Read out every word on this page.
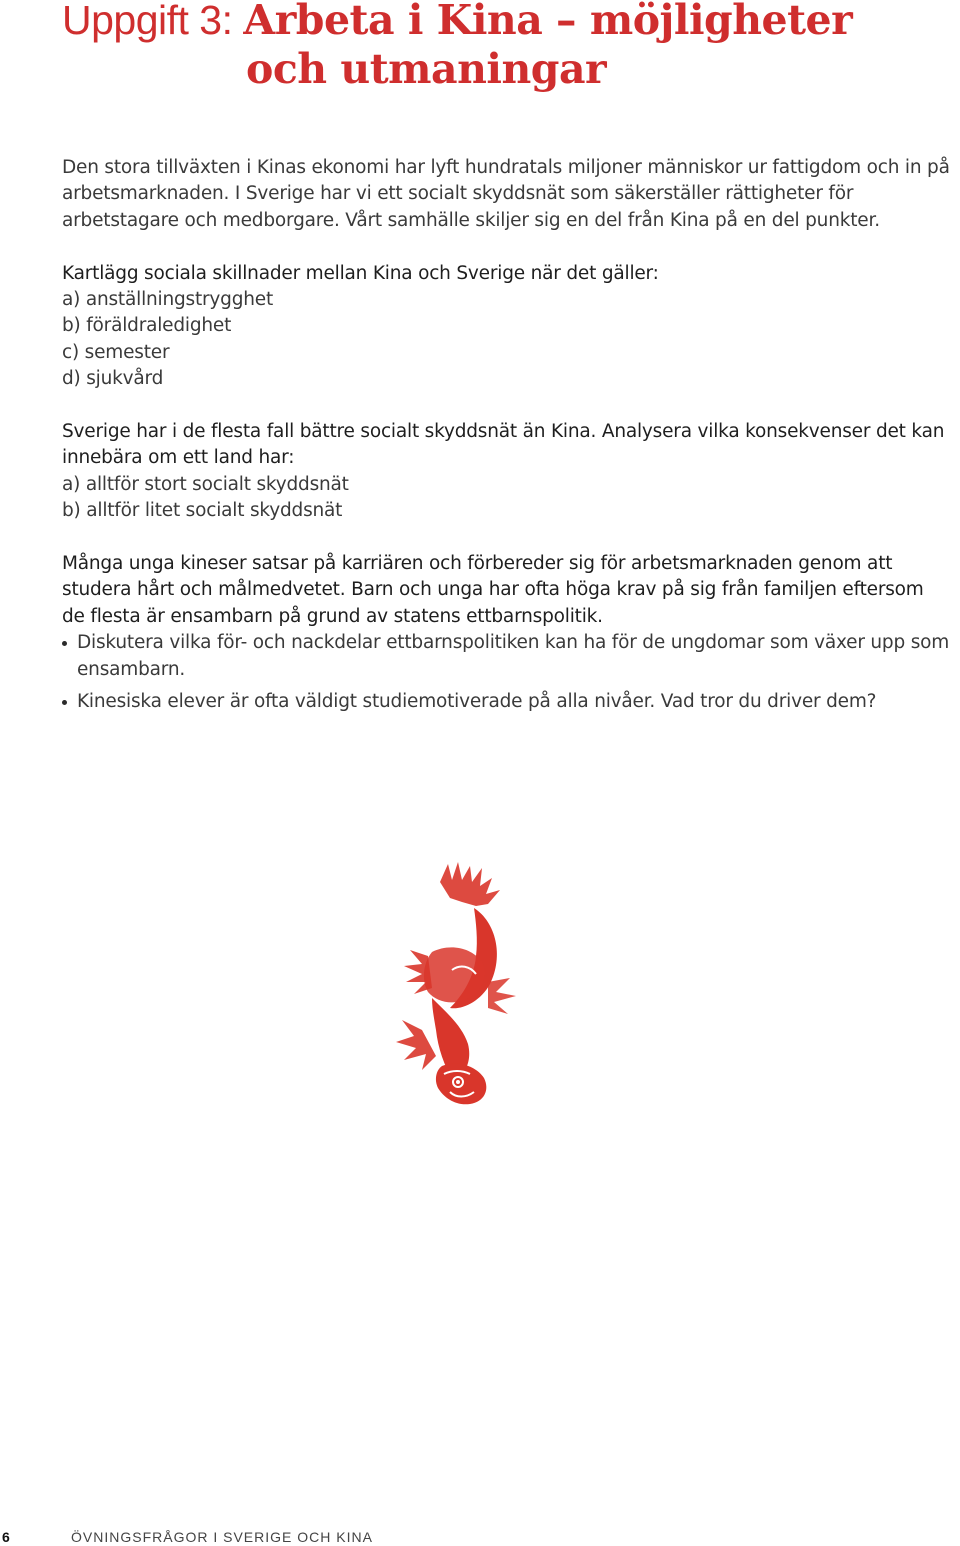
Uppgift 3: Arbeta i Kina – möjligheter
och utmaningar

Den stora tillväxten i Kinas ekonomi har lyft hundratals miljoner människor ur fattigdom och in på arbetsmarknaden. I Sverige har vi ett socialt skyddsnät som säkerställer rättigheter för arbetstagare och medborgare. Vårt samhälle skiljer sig en del från Kina på en del punkter.

Kartlägg sociala skillnader mellan Kina och Sverige när det gäller:

a) anställningstrygghet
b) föräldraledighet
c) semester
d) sjukvård

Sverige har i de flesta fall bättre socialt skyddsnät än Kina. Analysera vilka konsekvenser det kan innebära om ett land har:

a) alltför stort socialt skyddsnät
b) alltför litet socialt skyddsnät

Många unga kineser satsar på karriären och förbereder sig för arbetsmarknaden genom att studera hårt och målmedvetet. Barn och unga har ofta höga krav på sig från familjen eftersom de flesta är ensambarn på grund av statens ettbarnspolitik.

Diskutera vilka för- och nackdelar ettbarnspolitiken kan ha för de ungdomar som växer upp som ensambarn.
Kinesiska elever är ofta väldigt studiemotiverade på alla nivåer. Vad tror du driver dem?
6	ÖVNINGSFRÅGOR I SVERIGE OCH KINA
